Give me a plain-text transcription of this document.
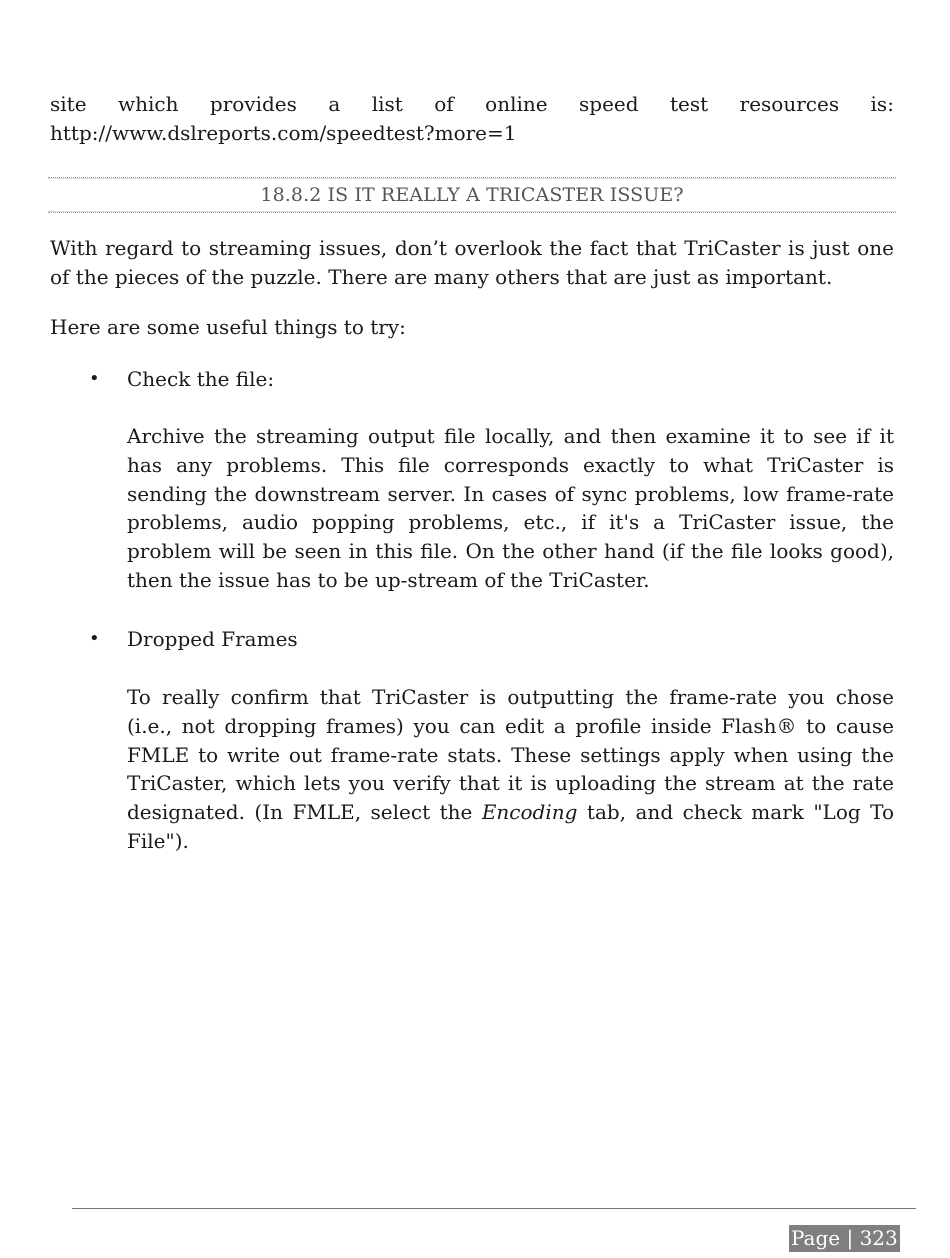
site which provides a list of online speed test resources is:
http://www.dslreports.com/speedtest?more=1
18.8.2 IS IT REALLY A TRICASTER ISSUE?

With regard to streaming issues, don’t overlook the fact that TriCaster is just one of the pieces of the puzzle. There are many others that are just as important.

Here are some useful things to try:

• Check the file:

Archive the streaming output file locally, and then examine it to see if it has any problems. This file corresponds exactly to what TriCaster is sending the downstream server. In cases of sync problems, low frame-rate problems, audio popping problems, etc., if it's a TriCaster issue, the problem will be seen in this file. On the other hand (if the file looks good), then the issue has to be up-stream of the TriCaster.

• Dropped Frames

To really confirm that TriCaster is outputting the frame-rate you chose (i.e., not dropping frames) you can edit a profile inside Flash® to cause FMLE to write out frame-rate stats. These settings apply when using the TriCaster, which lets you verify that it is uploading the stream at the rate designated. (In FMLE, select the Encoding tab, and check mark "Log To File").

Page | 323
